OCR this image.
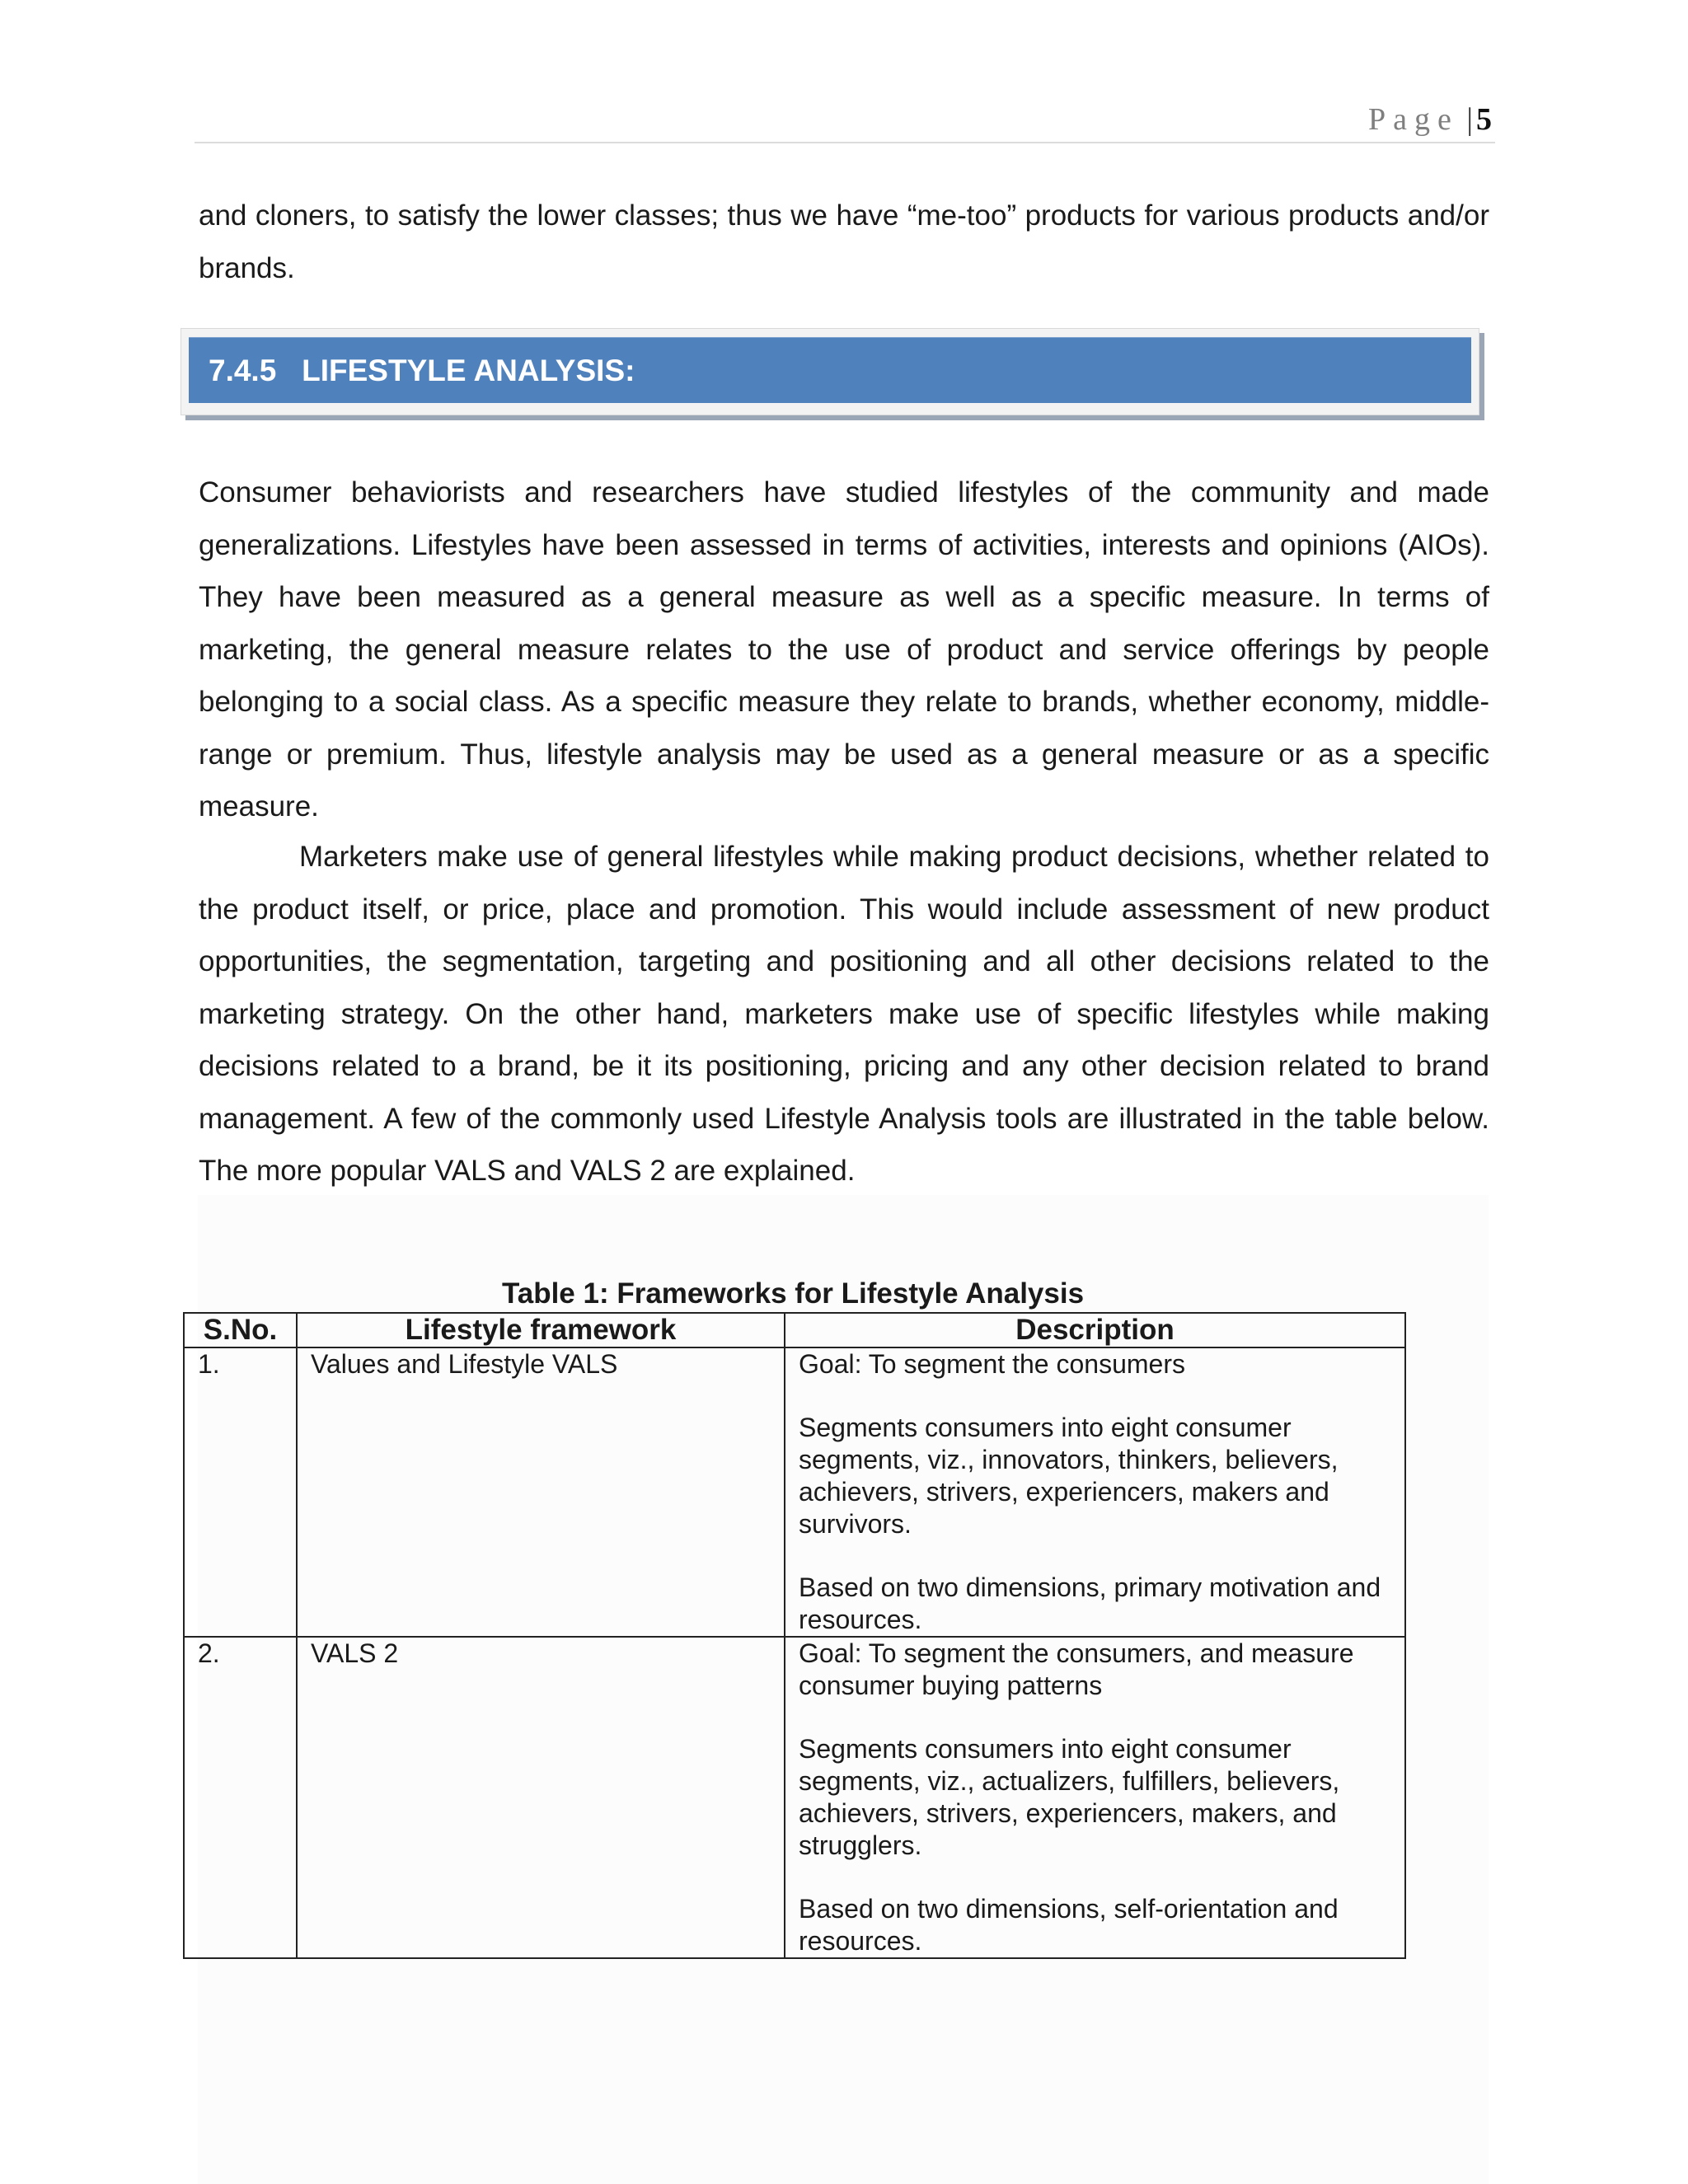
Page | 5

and cloners, to satisfy the lower classes; thus we have “me-too” products for various products and/or brands.

7.4.5 LIFESTYLE ANALYSIS:

Consumer behaviorists and researchers have studied lifestyles of the community and made generalizations. Lifestyles have been assessed in terms of activities, interests and opinions (AIOs). They have been measured as a general measure as well as a specific measure. In terms of marketing, the general measure relates to the use of product and service offerings by people belonging to a social class. As a specific measure they relate to brands, whether economy, middle-range or premium. Thus, lifestyle analysis may be used as a general measure or as a specific measure.

Marketers make use of general lifestyles while making product decisions, whether related to the product itself, or price, place and promotion. This would include assessment of new product opportunities, the segmentation, targeting and positioning and all other decisions related to the marketing strategy. On the other hand, marketers make use of specific lifestyles while making decisions related to a brand, be it its positioning, pricing and any other decision related to brand management. A few of the commonly used Lifestyle Analysis tools are illustrated in the table below. The more popular VALS and VALS 2 are explained.

Table 1: Frameworks for Lifestyle Analysis
S.No.	Lifestyle framework	Description
1.	Values and Lifestyle VALS	Goal: To segment the consumers
Segments consumers into eight consumer segments, viz., innovators, thinkers, believers, achievers, strivers, experiencers, makers and survivors.
Based on two dimensions, primary motivation and resources.

2.	VALS 2	Goal: To segment the consumers, and measure consumer buying patterns
Segments consumers into eight consumer segments, viz., actualizers, fulfillers, believers, achievers, strivers, experiencers, makers, and strugglers.
Based on two dimensions, self-orientation and resources.
